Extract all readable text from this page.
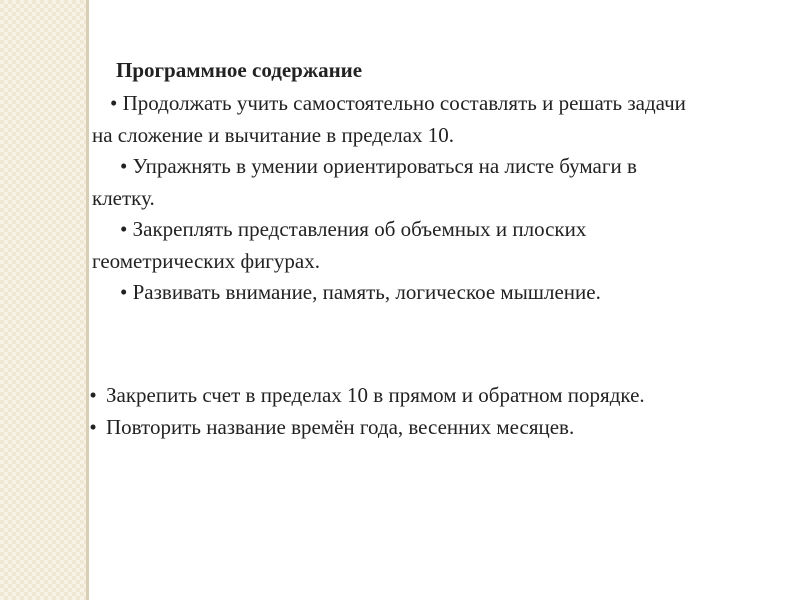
Программное содержание

• Продолжать учить самостоятельно составлять и решать задачи на сложение и вычитание в пределах 10.

• Упражнять в умении ориентироваться на листе бумаги в клетку.

• Закреплять представления об объемных и плоских геометрических фигурах.

• Развивать внимание, память, логическое мышление.

• Закрепить счет в пределах 10 в прямом и обратном порядке.
• Повторить название времён года, весенних месяцев.
